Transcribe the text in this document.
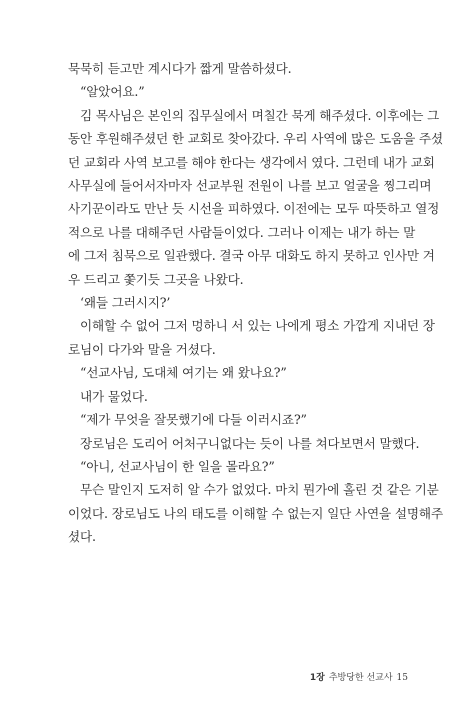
묵묵히 듣고만 계시다가 짧게 말씀하셨다.
“알았어요.”
김 목사님은 본인의 집무실에서 며칠간 묵게 해주셨다. 이후에는 그
동안 후원해주셨던 한 교회로 찾아갔다. 우리 사역에 많은 도움을 주셨
던 교회라 사역 보고를 해야 한다는 생각에서 였다. 그런데 내가 교회
사무실에 들어서자마자 선교부원 전원이 나를 보고 얼굴을 찡그리며
사기꾼이라도 만난 듯 시선을 피하였다. 이전에는 모두 따뜻하고 열정
적으로 나를 대해주던 사람들이었다. 그러나 이제는 내가 하는 말
에 그저 침묵으로 일관했다. 결국 아무 대화도 하지 못하고 인사만 겨
우 드리고 쫓기듯 그곳을 나왔다.
‘왜들 그러시지?’
이해할 수 없어 그저 멍하니 서 있는 나에게 평소 가깝게 지내던 장
로님이 다가와 말을 거셨다.
“선교사님, 도대체 여기는 왜 왔나요?”
내가 물었다.
“제가 무엇을 잘못했기에 다들 이러시죠?”
장로님은 도리어 어처구니없다는 듯이 나를 쳐다보면서 말했다.
“아니, 선교사님이 한 일을 몰라요?”
무슨 말인지 도저히 알 수가 없었다. 마치 뭔가에 홀린 것 같은 기분
이었다. 장로님도 나의 태도를 이해할 수 없는지 일단 사연을 설명해주
셨다.
1장 추방당한 선교사 15
